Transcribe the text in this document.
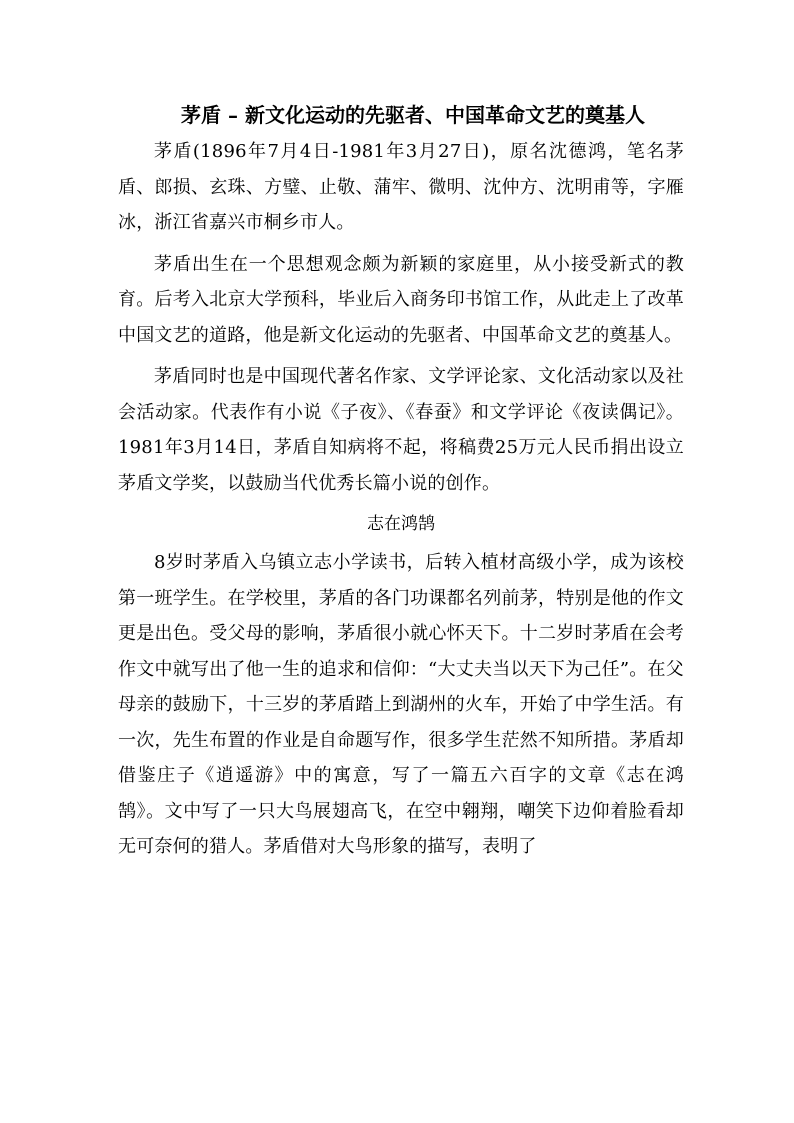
茅盾 – 新文化运动的先驱者、中国革命文艺的奠基人

茅盾(1896年7月4日-1981年3月27日)，原名沈德鸿，笔名茅盾、郎损、玄珠、方璧、止敬、蒲牢、微明、沈仲方、沈明甫等，字雁冰，浙江省嘉兴市桐乡市人。

茅盾出生在一个思想观念颇为新颖的家庭里，从小接受新式的教育。后考入北京大学预科，毕业后入商务印书馆工作，从此走上了改革中国文艺的道路，他是新文化运动的先驱者、中国革命文艺的奠基人。

茅盾同时也是中国现代著名作家、文学评论家、文化活动家以及社会活动家。代表作有小说《子夜》、《春蚕》和文学评论《夜读偶记》。1981年3月14日，茅盾自知病将不起，将稿费25万元人民币捐出设立茅盾文学奖，以鼓励当代优秀长篇小说的创作。

志在鸿鹄

8岁时茅盾入乌镇立志小学读书，后转入植材高级小学，成为该校第一班学生。在学校里，茅盾的各门功课都名列前茅，特别是他的作文更是出色。受父母的影响，茅盾很小就心怀天下。十二岁时茅盾在会考作文中就写出了他一生的追求和信仰：“大丈夫当以天下为己任”。在父母亲的鼓励下，十三岁的茅盾踏上到湖州的火车，开始了中学生活。有一次，先生布置的作业是自命题写作，很多学生茫然不知所措。茅盾却借鉴庄子《逍遥游》中的寓意，写了一篇五六百字的文章《志在鸿鹄》。文中写了一只大鸟展翅高飞，在空中翱翔，嘲笑下边仰着脸看却无可奈何的猎人。茅盾借对大鸟形象的描写，表明了
